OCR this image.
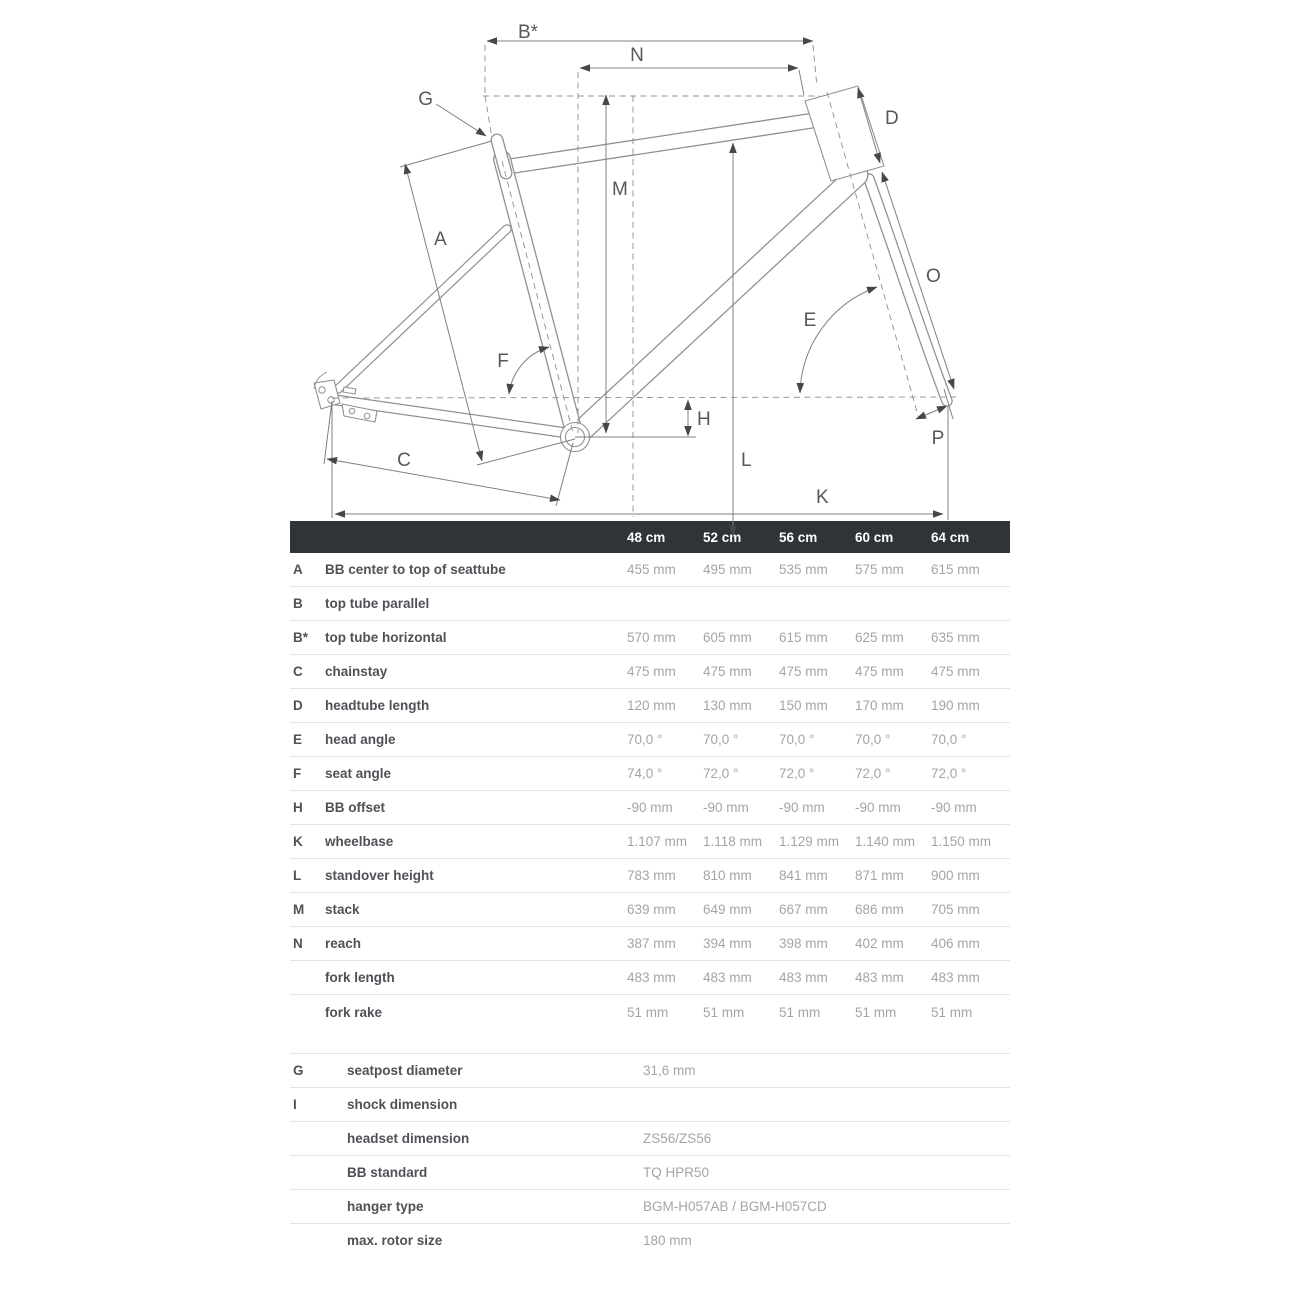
B*
N
G
D
M
A
O
E
F
H
P
C	L
K
48 cm	52 cm	56 cm	60 cm	64 cm
A	BB center to top of seattube	455 mm	495 mm	535 mm	575 mm	615 mm
B	top tube parallel
B*	top tube horizontal	570 mm	605 mm	615 mm	625 mm	635 mm
C	chainstay	475 mm	475 mm	475 mm	475 mm	475 mm
D	headtube length	120 mm	130 mm	150 mm	170 mm	190 mm
E	head angle	70,0 °	70,0 °	70,0 °	70,0 °	70,0 °
F	seat angle	74,0 °	72,0 °	72,0 °	72,0 °	72,0 °
H	BB offset	-90 mm	-90 mm	-90 mm	-90 mm	-90 mm
K	wheelbase	1.107 mm	1.118 mm	1.129 mm	1.140 mm	1.150 mm
L	standover height	783 mm	810 mm	841 mm	871 mm	900 mm
M	stack	639 mm	649 mm	667 mm	686 mm	705 mm
N	reach	387 mm	394 mm	398 mm	402 mm	406 mm
fork length	483 mm	483 mm	483 mm	483 mm	483 mm
fork rake	51 mm	51 mm	51 mm	51 mm	51 mm
G	seatpost diameter	31,6 mm
I	shock dimension
headset dimension	ZS56/ZS56
BB standard	TQ HPR50
hanger type	BGM-H057AB / BGM-H057CD
max. rotor size	180 mm
